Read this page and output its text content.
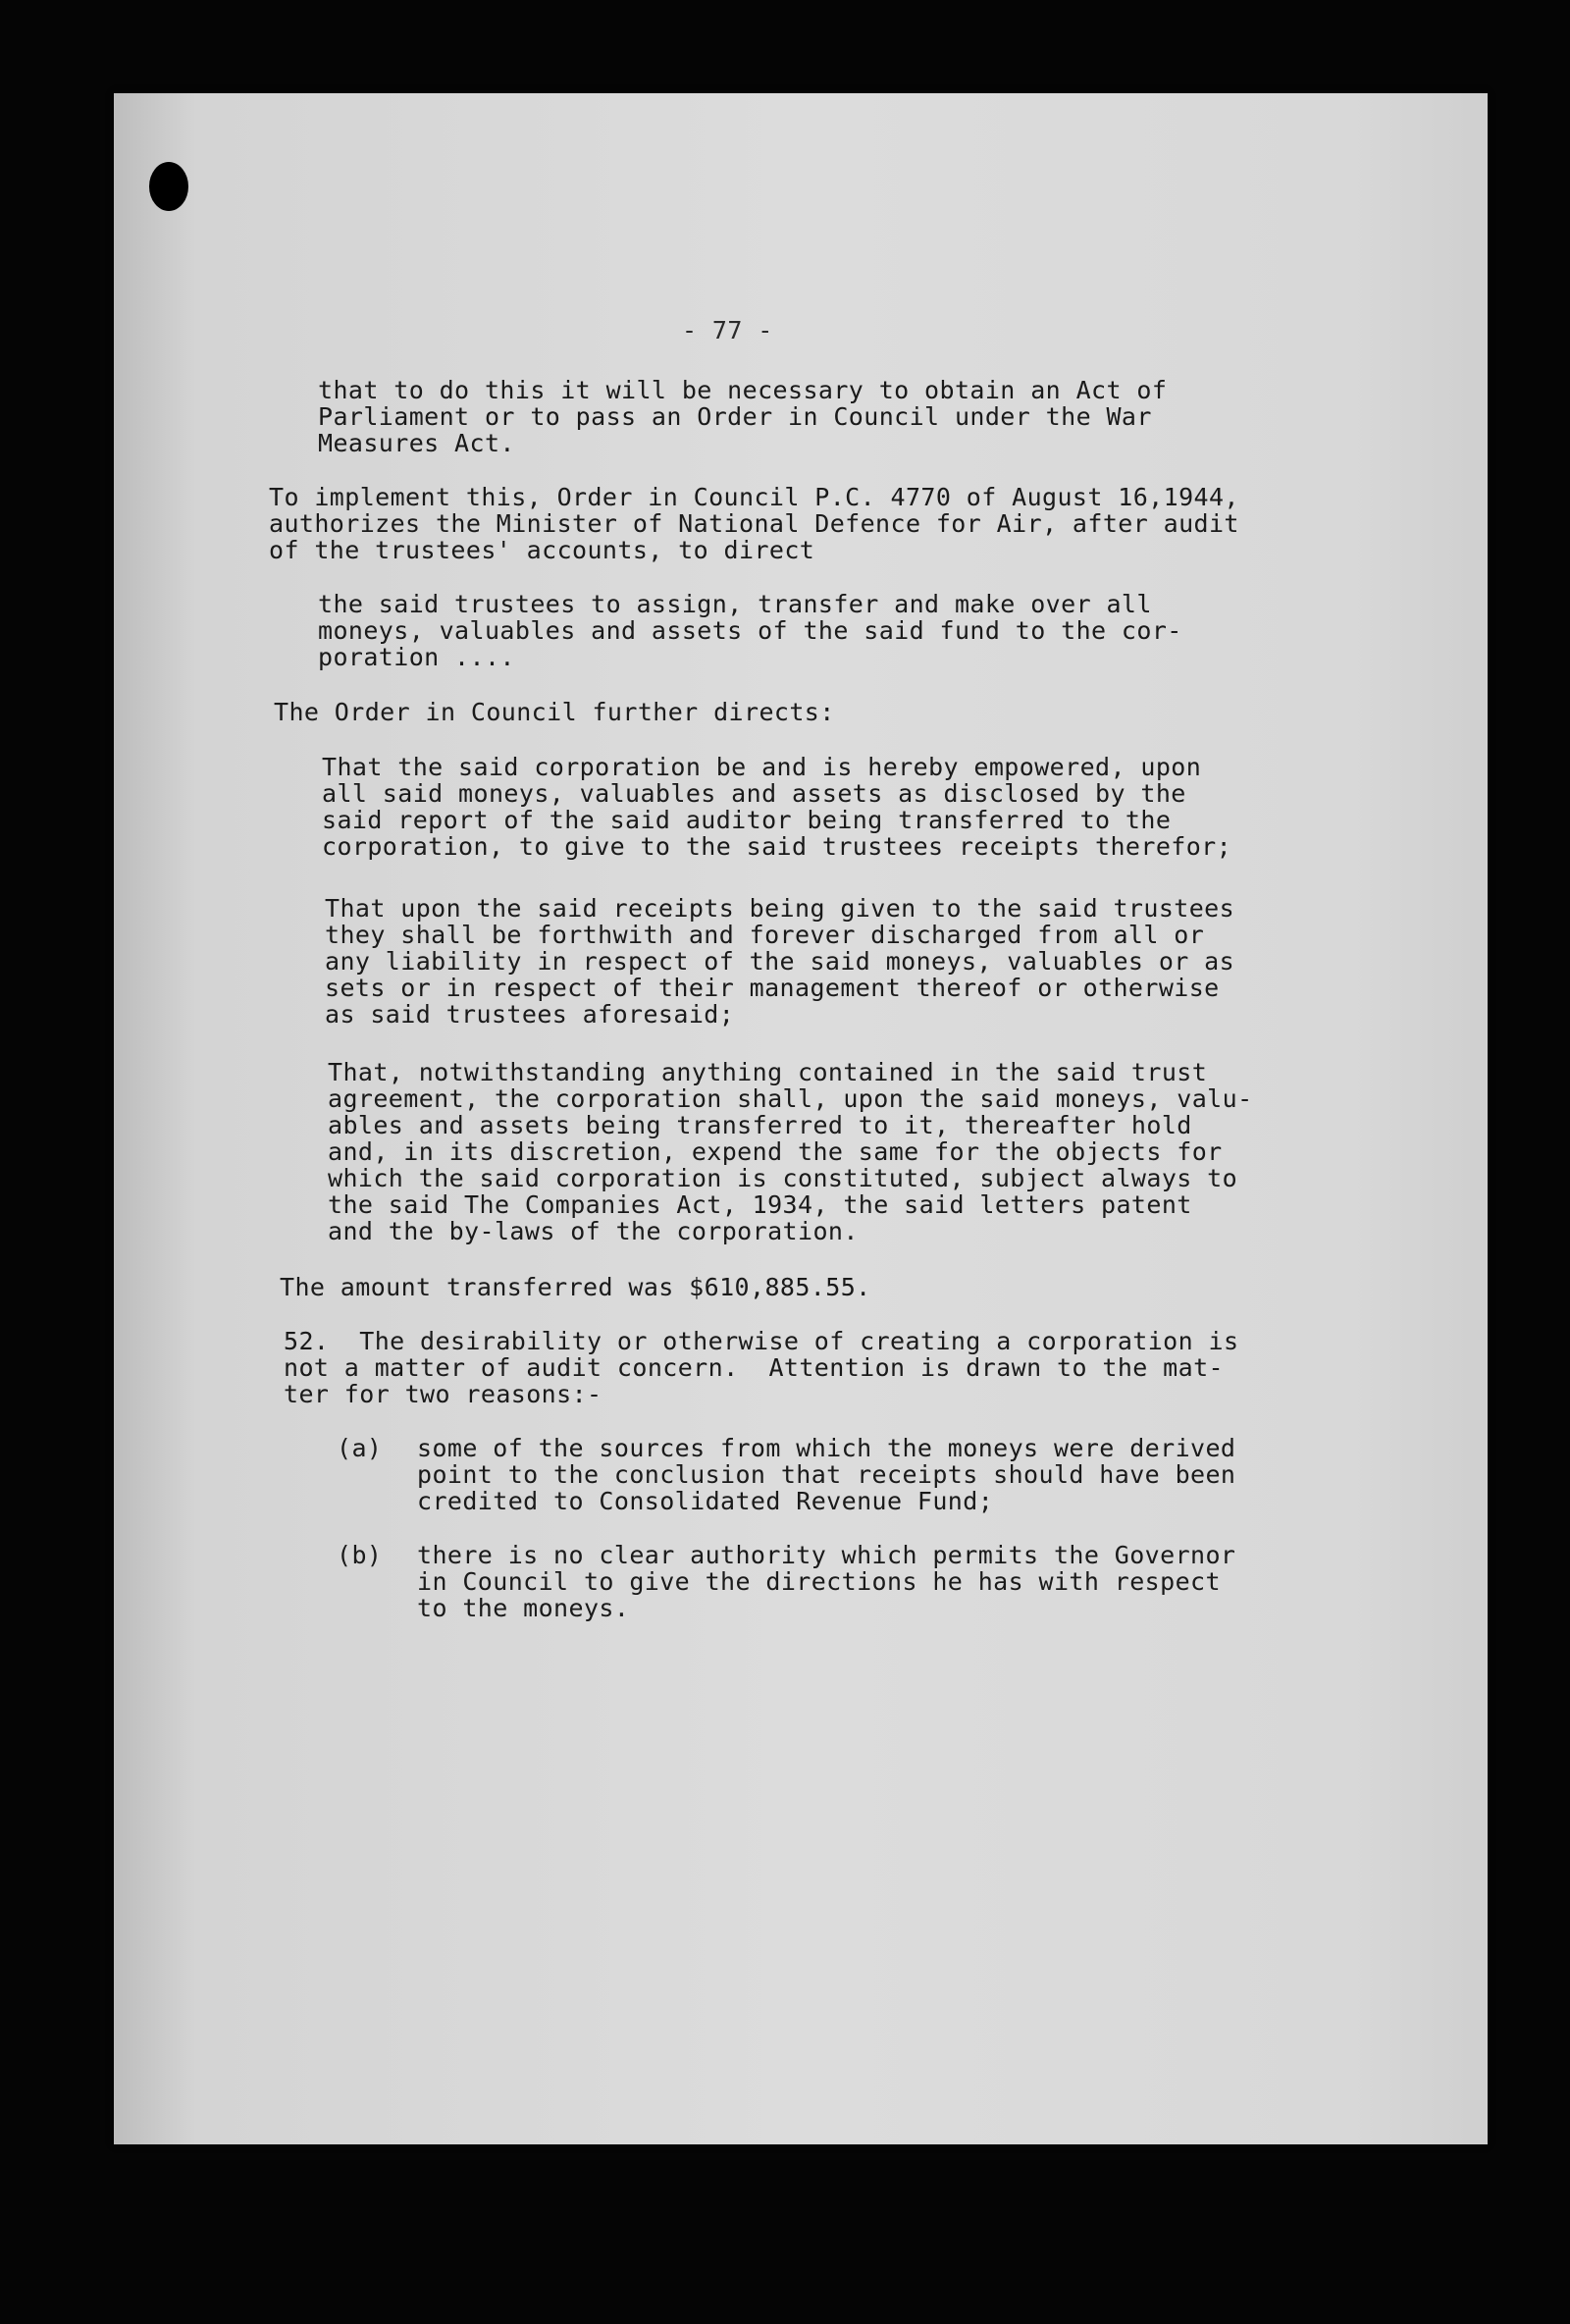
- 77 -
that to do this it will be necessary to obtain an Act of
Parliament or to pass an Order in Council under the War
Measures Act.
To implement this, Order in Council P.C. 4770 of August 16,1944,
authorizes the Minister of National Defence for Air, after audit
of the trustees' accounts, to direct
the said trustees to assign, transfer and make over all
moneys, valuables and assets of the said fund to the cor-
poration ....
The Order in Council further directs:
That the said corporation be and is hereby empowered, upon
all said moneys, valuables and assets as disclosed by the
said report of the said auditor being transferred to the
corporation, to give to the said trustees receipts therefor;
That upon the said receipts being given to the said trustees
they shall be forthwith and forever discharged from all or
any liability in respect of the said moneys, valuables or as
sets or in respect of their management thereof or otherwise
as said trustees aforesaid;
That, notwithstanding anything contained in the said trust
agreement, the corporation shall, upon the said moneys, valu-
ables and assets being transferred to it, thereafter hold
and, in its discretion, expend the same for the objects for
which the said corporation is constituted, subject always to
the said The Companies Act, 1934, the said letters patent
and the by-laws of the corporation.
The amount transferred was $610,885.55.
52.  The desirability or otherwise of creating a corporation is
not a matter of audit concern.  Attention is drawn to the mat-
ter for two reasons:-
(a) some of the sources from which the moneys were derived
point to the conclusion that receipts should have been
credited to Consolidated Revenue Fund;
(b) there is no clear authority which permits the Governor
in Council to give the directions he has with respect
to the moneys.
